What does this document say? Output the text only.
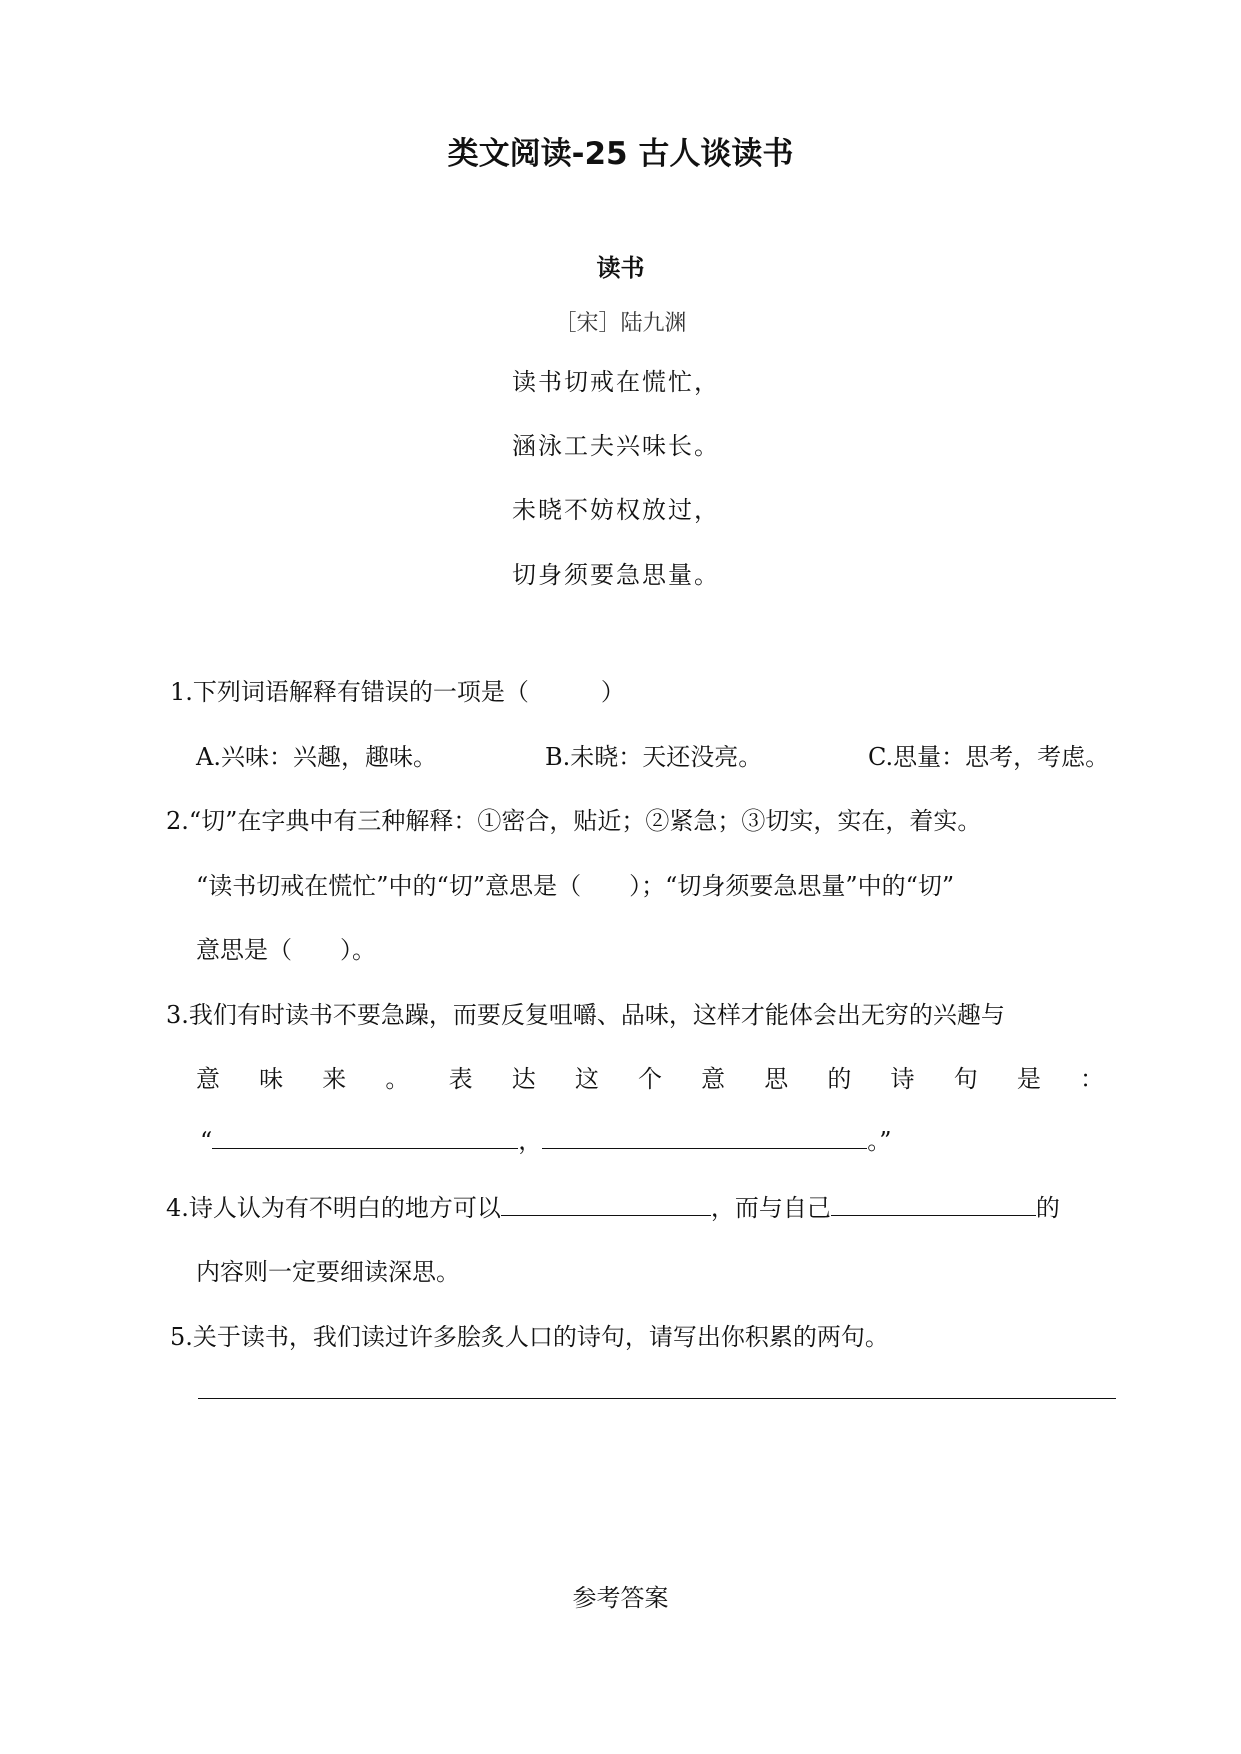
类文阅读-25 古人谈读书
读书
［宋］陆九渊
读书切戒在慌忙，
涵泳工夫兴味长。
未晓不妨权放过，
切身须要急思量。
1.下列词语解释有错误的一项是（　　　）
A.兴味：兴趣，趣味。	B.未晓：天还没亮。	C.思量：思考，考虑。
2.“切”在字典中有三种解释：①密合，贴近；②紧急；③切实，实在，着实。
“读书切戒在慌忙”中的“切”意思是（　　）；“切身须要急思量”中的“切”
意思是（　　）。
3.我们有时读书不要急躁，而要反复咀嚼、品味，这样才能体会出无穷的兴趣与
意 味 来 。 表 达 这 个 意 思 的 诗 句 是 ：
“	，	。”
4.诗人认为有不明白的地方可以	，而与自己	的
内容则一定要细读深思。
5.关于读书，我们读过许多脍炙人口的诗句，请写出你积累的两句。
参考答案
